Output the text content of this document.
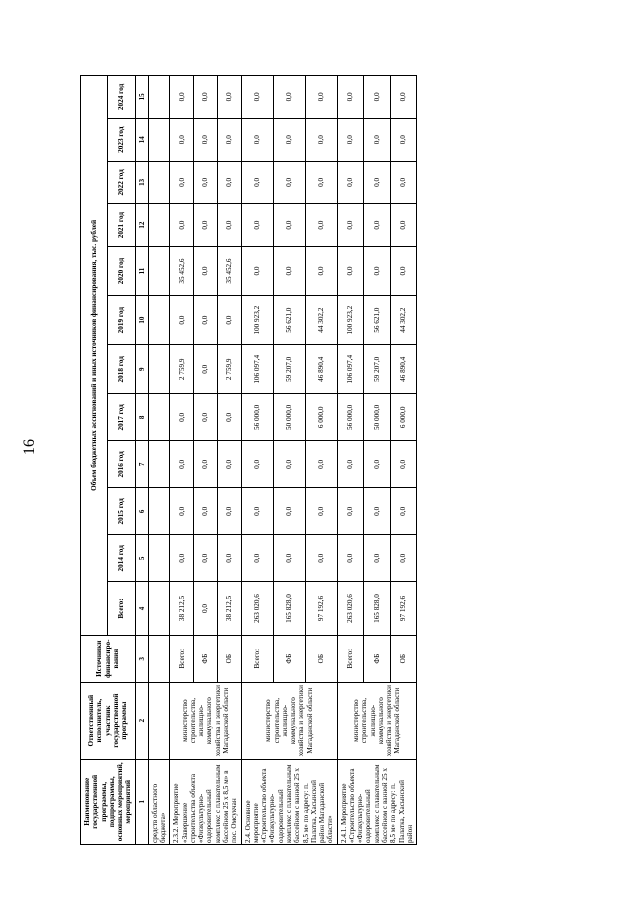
16
Наименование государственной программы, подпрограммы, основных мероприятий, мероприятий	Ответственный исполнитель, участник государственной программы	Источники финансиро-вания	Объем бюджетных ассигнований и иных источников финансирования, тыс. рублей											
			Всего:	2014 год	2015 год	2016 год	2017 год	2018 год	2019 год	2020 год	2021 год	2022 год	2023 год	2024 год
1	2	3	4	5	6	7	8	9	10	11	12	13	14	15
средств областного бюджета»														
2.3.2. Мероприятие «Завершение строительства объекта «Физкультурно-оздоровительный комплекс с плавательным бассейном 25 x 8,5 м» в пос. Омсукчан	министерство строительства, жилищно-коммунального хозяйства и энергетики Магаданской области	Всего:	38 212,5	0,0	0,0	0,0	0,0	2 759,9	0,0	35 452,6	0,0	0,0	0,0	0,0
		ФБ	0,0	0,0	0,0	0,0	0,0	0,0	0,0	0,0	0,0	0,0	0,0	0,0
		ОБ	38 212,5	0,0	0,0	0,0	0,0	2 759,9	0,0	35 452,6	0,0	0,0	0,0	0,0
2.4. Основное мероприятие «Строительство объекта «Физкультурно-оздоровительный комплекс с плавательным бассейном с ванной 25 x 8,5 м» по адресу: п. Палатка, Хасынский район Магаданской области»	министерство строительства, жилищно-коммунального хозяйства и энергетики Магаданской области	Всего:	263 020,6	0,0	0,0	0,0	56 000,0	106 097,4	100 923,2	0,0	0,0	0,0	0,0	0,0
		ФБ	165 828,0	0,0	0,0	0,0	50 000,0	59 207,0	56 621,0	0,0	0,0	0,0	0,0	0,0
		ОБ	97 192,6	0,0	0,0	0,0	6 000,0	46 890,4	44 302,2	0,0	0,0	0,0	0,0	0,0
2.4.1. Мероприятие «Строительство объекта «Физкультурно-оздоровительный комплекс с плавательным бассейном с ванной 25 x 8,5 м» по адресу: п. Палатка, Хасынский район	министерство строительства, жилищно-коммунального хозяйства и энергетики Магаданской области	Всего:	263 020,6	0,0	0,0	0,0	56 000,0	106 097,4	100 923,2	0,0	0,0	0,0	0,0	0,0
		ФБ	165 828,0	0,0	0,0	0,0	50 000,0	59 207,0	56 621,0	0,0	0,0	0,0	0,0	0,0
		ОБ	97 192,6	0,0	0,0	0,0	6 000,0	46 890,4	44 302,2	0,0	0,0	0,0	0,0	0,0
